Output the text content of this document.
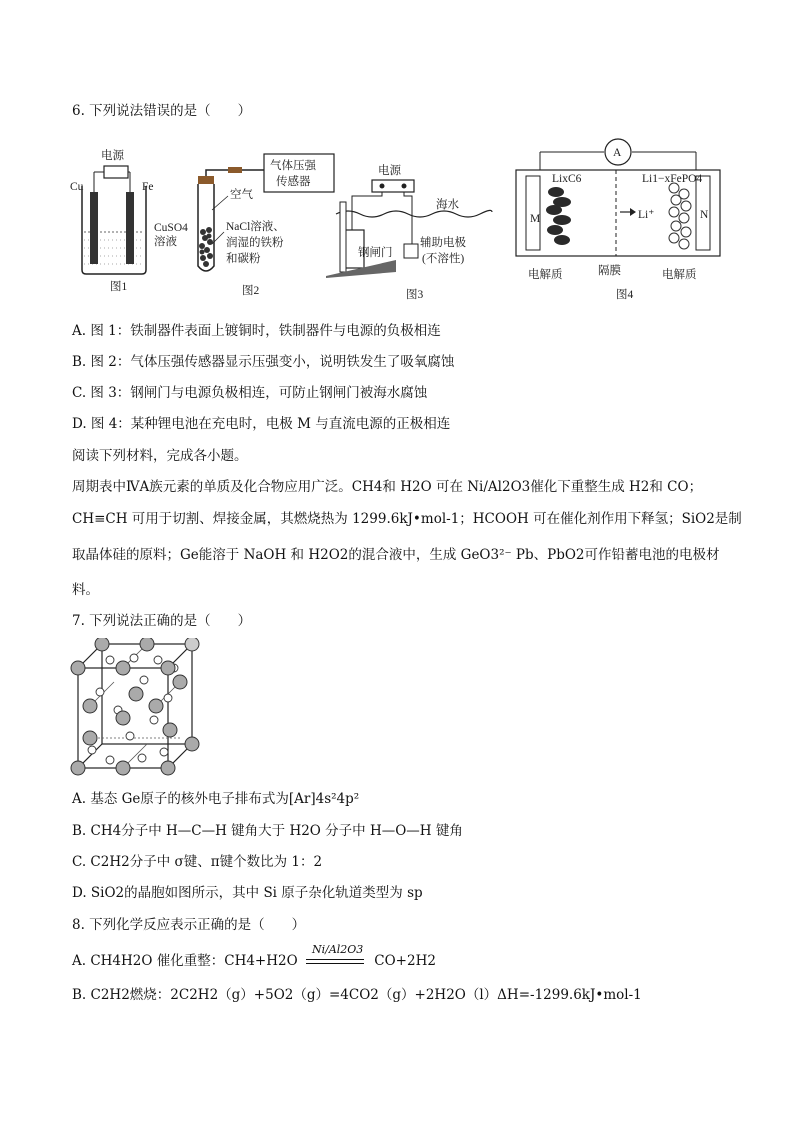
6. 下列说法错误的是（　　）
电源
Cu	Fe
CuSO4
溶液
图1
气体压强
传感器
空气
NaCl溶液、
润湿的铁粉
和碳粉
图2
电源
海水
钢闸门
辅助电极
(不溶性)
图3
A
M	N
Li⁺
LixC6	Li1−xFePO4
电解质	隔膜	电解质
图4
A. 图 1：铁制器件表面上镀铜时，铁制器件与电源的负极相连
B. 图 2：气体压强传感器显示压强变小，说明铁发生了吸氧腐蚀
C. 图 3：钢闸门与电源负极相连，可防止钢闸门被海水腐蚀
D. 图 4：某种锂电池在充电时，电极 M 与直流电源的正极相连
阅读下列材料，完成各小题。
周期表中ⅣA族元素的单质及化合物应用广泛。CH4和 H2O 可在 Ni/Al2O3催化下重整生成 H2和 CO；
CH≡CH 可用于切割、焊接金属，其燃烧热为 1299.6kJ•mol-1；HCOOH 可在催化剂作用下释氢；SiO2是制
取晶体硅的原料；Ge能溶于 NaOH 和 H2O2的混合液中，生成 GeO3²⁻ Pb、PbO2可作铅蓄电池的电极材
料。
7. 下列说法正确的是（　　）
A. 基态 Ge原子的核外电子排布式为[Ar]4s²4p²
B. CH4分子中 H—C—H 键角大于 H2O 分子中 H—O—H 键角
C. C2H2分子中 σ键、π键个数比为 1：2
D. SiO2的晶胞如图所示，其中 Si 原子杂化轨道类型为 sp
8. 下列化学反应表示正确的是（　　）
A. CH4H2O 催化重整：CH4+H2O
Ni/Al2O3
CO+2H2
B. C2H2燃烧：2C2H2（g）+5O2（g）=4CO2（g）+2H2O（l）ΔH=-1299.6kJ•mol-1
